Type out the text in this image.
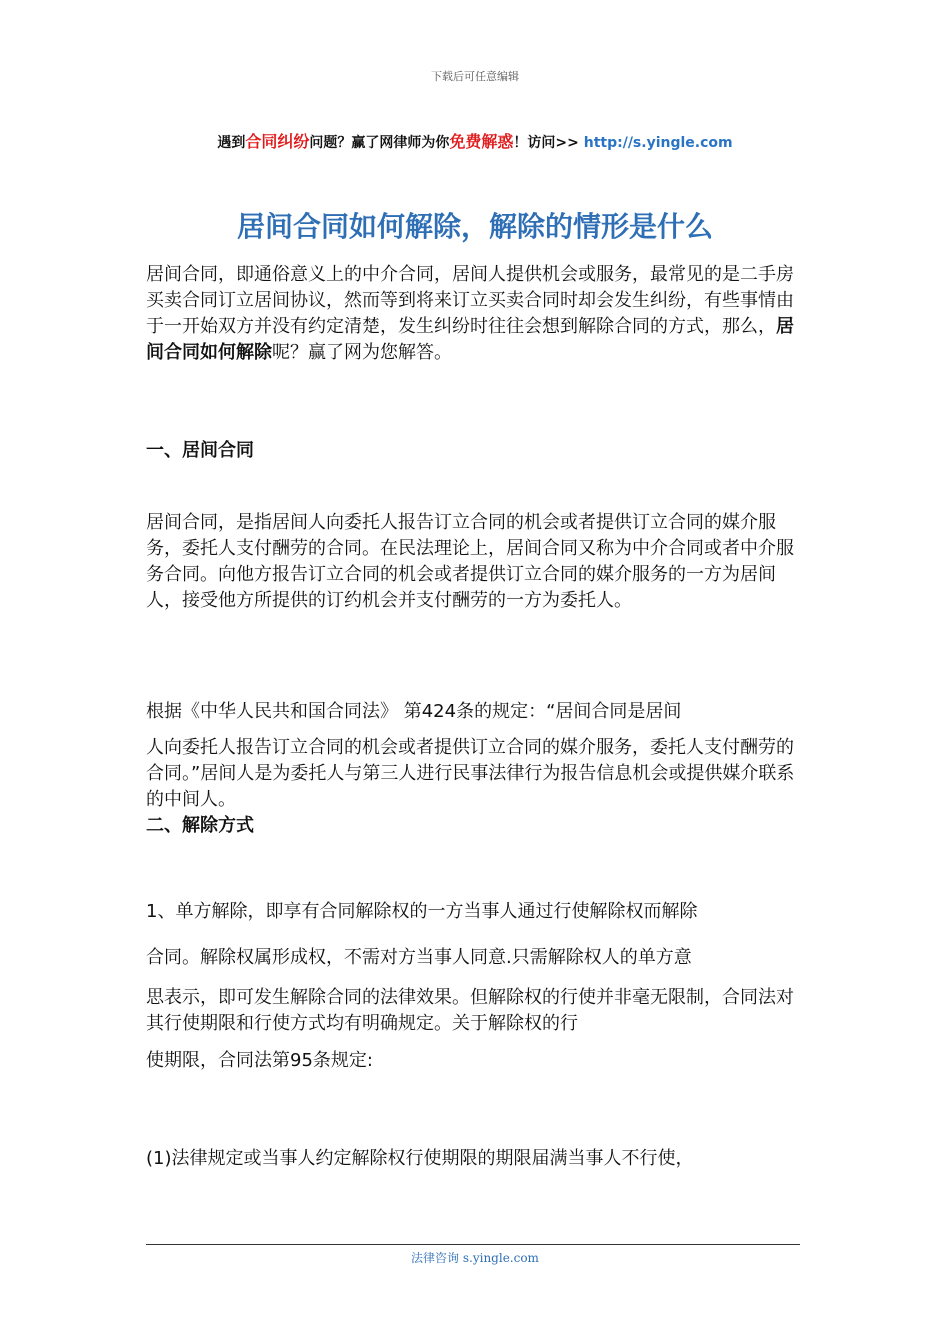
下载后可任意编辑
遇到合同纠纷问题？赢了网律师为你免费解惑！访问>> http://s.yingle.com
居间合同如何解除，解除的情形是什么

居间合同，即通俗意义上的中介合同，居间人提供机会或服务，最常见的是二手房买卖合同订立居间协议，然而等到将来订立买卖合同时却会发生纠纷，有些事情由于一开始双方并没有约定清楚，发生纠纷时往往会想到解除合同的方式，那么，居间合同如何解除呢？赢了网为您解答。

一、居间合同

居间合同，是指居间人向委托人报告订立合同的机会或者提供订立合同的媒介服务，委托人支付酬劳的合同。在民法理论上，居间合同又称为中介合同或者中介服务合同。向他方报告订立合同的机会或者提供订立合同的媒介服务的一方为居间人，接受他方所提供的订约机会并支付酬劳的一方为委托人。

根据《中华人民共和国合同法》 第424条的规定：“居间合同是居间

人向委托人报告订立合同的机会或者提供订立合同的媒介服务，委托人支付酬劳的合同。”居间人是为委托人与第三人进行民事法律行为报告信息机会或提供媒介联系的中间人。

二、解除方式

1、单方解除，即享有合同解除权的一方当事人通过行使解除权而解除

合同。解除权属形成权，不需对方当事人同意.只需解除权人的单方意

思表示，即可发生解除合同的法律效果。但解除权的行使并非毫无限制，合同法对其行使期限和行使方式均有明确规定。关于解除权的行

使期限，合同法第95条规定:

(1)法律规定或当事人约定解除权行使期限的期限届满当事人不行使，

法律咨询 s.yingle.com
